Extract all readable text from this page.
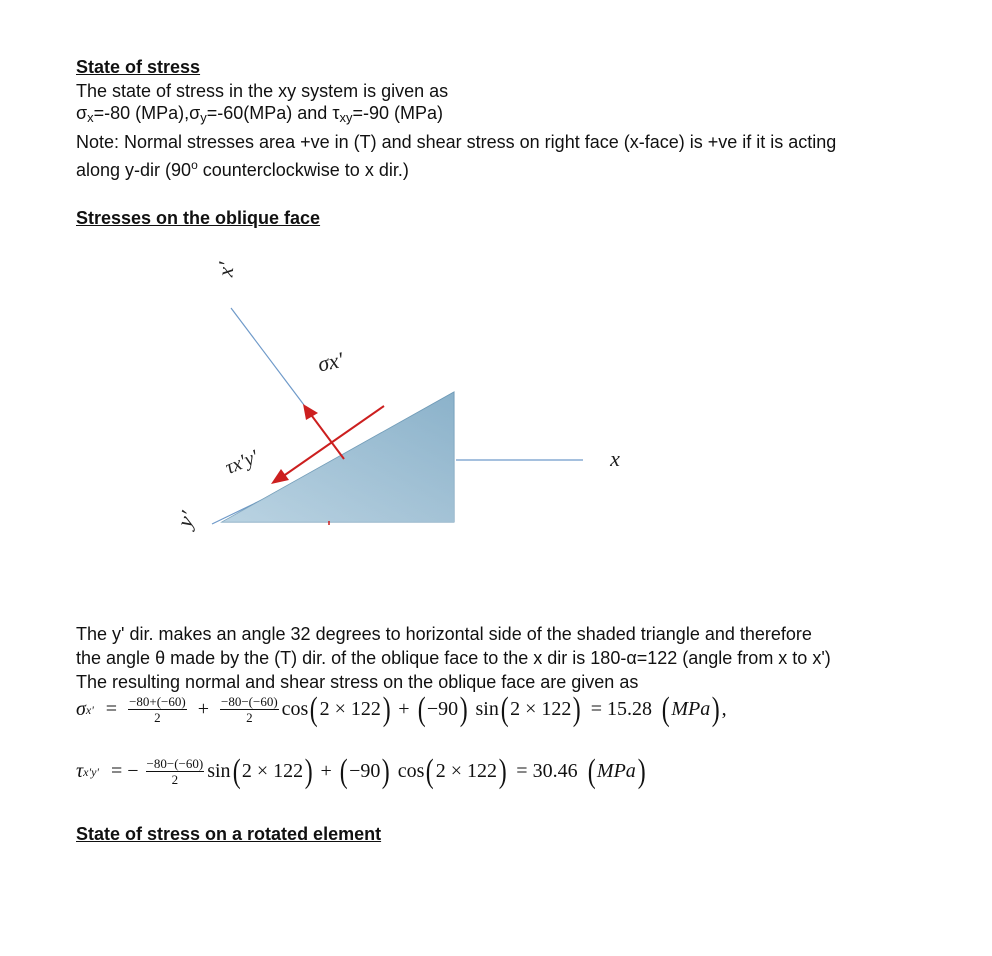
State of stress
The state of stress in the xy system is given as
$\sigma_x=-80$ $(MPa),\sigma_y=-60(MPa)$ and $\tau_{xy}=-90$ (MPa)
Note: Normal stresses area +ve in (T) and shear stress on right face (x-face) is +ve if it is acting
along y-dir (90$^o$ counterclockwise to x dir.)
Stresses on the oblique face
x'
σx'
τx'y'
y'
x
The y' dir. makes an angle 32 degrees to horizontal side of the shaded triangle and therefore
the angle θ made by the (T) dir. of the oblique face to the x dir is 180-α=122 (angle from x to x')
The resulting normal and shear stress on the oblique face are given as
σ $x' = \frac{-80+(-60)}{2} + \frac{-80-(-60)}{2}$ cos ( 2 × 122 ) + ( −90 ) sin ( 2 × 122 ) = 15.28 ( MPa ) ,
τ x'y' = − $\frac{-80-(-60)}{2}$ sin ( 2 × 122 ) + ( −90 ) cos ( 2 × 122 ) = 30.46 ( MPa )
State of stress on a rotated element
